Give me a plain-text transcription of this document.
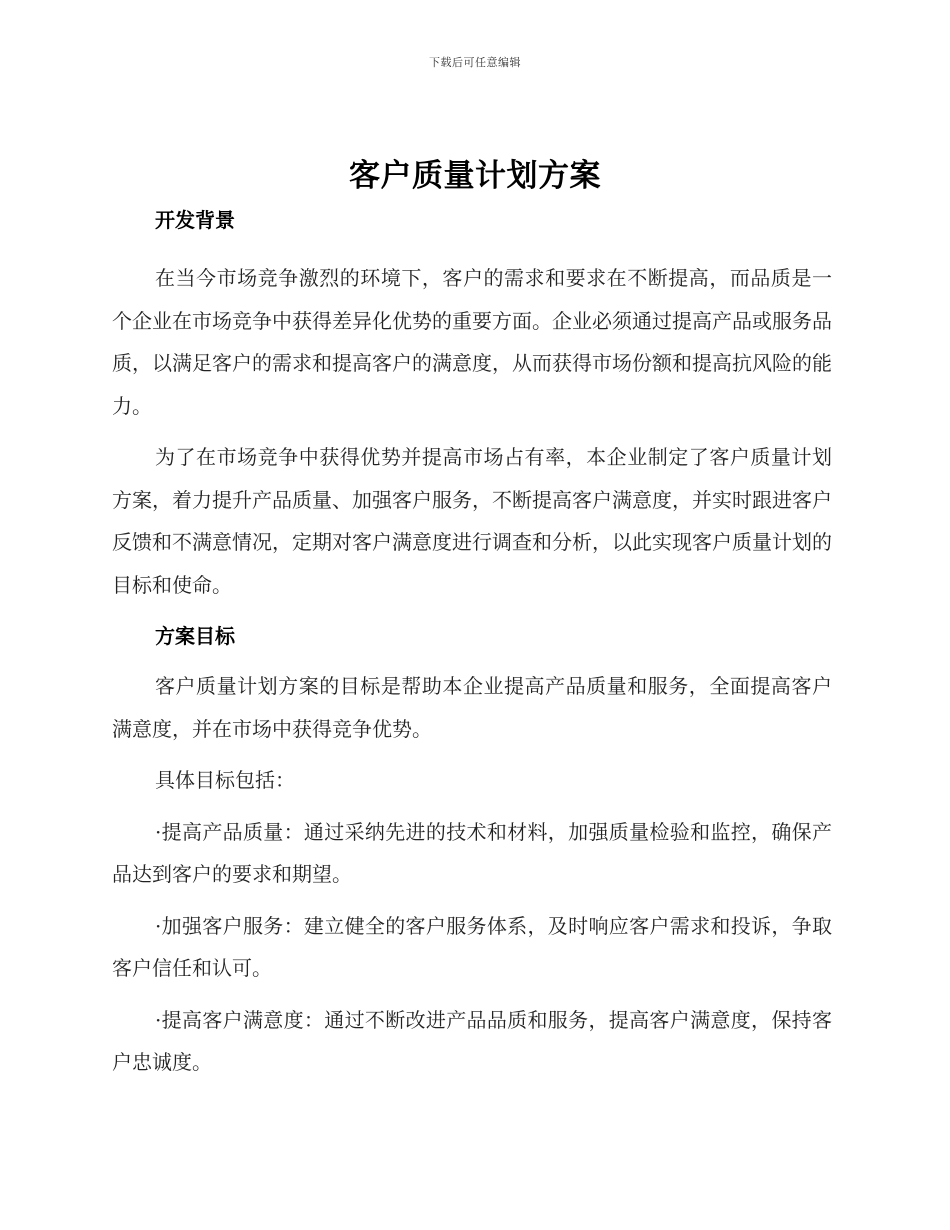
下载后可任意编辑
客户质量计划方案
开发背景

在当今市场竞争激烈的环境下，客户的需求和要求在不断提高，而品质是一个企业在市场竞争中获得差异化优势的重要方面。企业必须通过提高产品或服务品质，以满足客户的需求和提高客户的满意度，从而获得市场份额和提高抗风险的能力。

为了在市场竞争中获得优势并提高市场占有率，本企业制定了客户质量计划方案，着力提升产品质量、加强客户服务，不断提高客户满意度，并实时跟进客户反馈和不满意情况，定期对客户满意度进行调查和分析，以此实现客户质量计划的目标和使命。

方案目标

客户质量计划方案的目标是帮助本企业提高产品质量和服务，全面提高客户满意度，并在市场中获得竞争优势。

具体目标包括：

·提高产品质量：通过采纳先进的技术和材料，加强质量检验和监控，确保产品达到客户的要求和期望。

·加强客户服务：建立健全的客户服务体系，及时响应客户需求和投诉，争取客户信任和认可。

·提高客户满意度：通过不断改进产品品质和服务，提高客户满意度，保持客户忠诚度。
